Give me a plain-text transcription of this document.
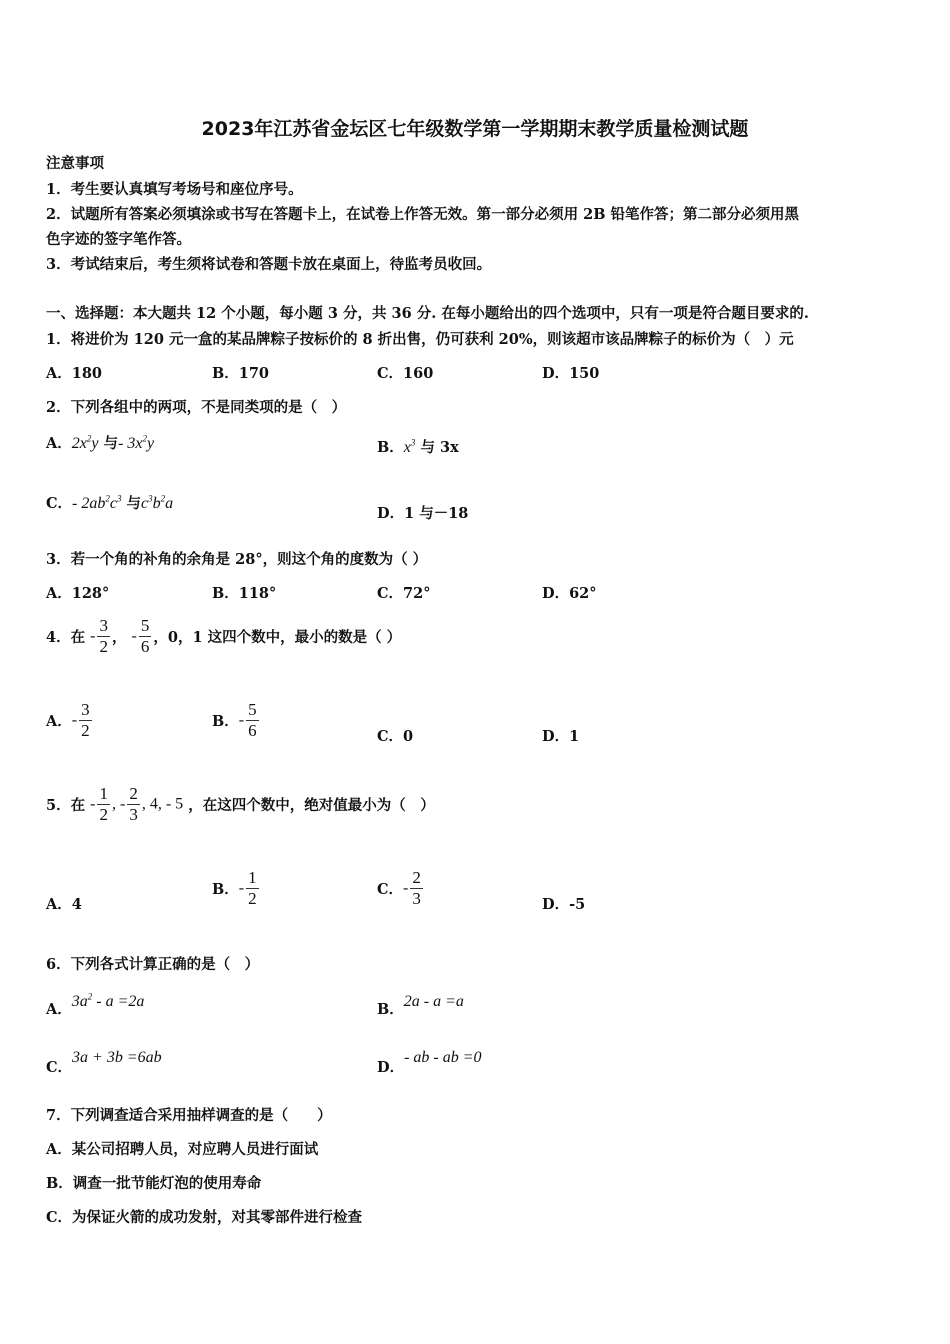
2023年江苏省金坛区七年级数学第一学期期末教学质量检测试题
注意事项
1．考生要认真填写考场号和座位序号。
2．试题所有答案必须填涂或书写在答题卡上，在试卷上作答无效。第一部分必须用 2B 铅笔作答；第二部分必须用黑
色字迹的签字笔作答。
3．考试结束后，考生须将试卷和答题卡放在桌面上，待监考员收回。
一、选择题：本大题共 12 个小题，每小题 3 分，共 36 分. 在每小题给出的四个选项中，只有一项是符合题目要求的.
1．将进价为 120 元一盒的某品牌粽子按标价的 8 折出售，仍可获利 20%，则该超市该品牌粽子的标价为（　）元
A．180	B．170	C．160	D．150
2．下列各组中的两项，不是同类项的是（　）
A．$2x^2y$ 与- $3x^2y$	B．$x^3$ 与 3x
C．- $2ab^2c^3$ 与$c^3b^2a$
D．1 与－18
3．若一个角的补角的余角是 28°，则这个角的度数为（ ）
A．128°	B．118°	C．72°	D．62°
4．在 - $\frac{3}{2}$ ， - $\frac{5}{6}$ ，0，1 这四个数中，最小的数是（ ）
A．- $\frac{3}{2}$	B．- $\frac{5}{6}$	C．0	D．1
5．在 - $\frac{1}{2}$ , - $\frac{2}{3}$ , 4, - 5 ，在这四个数中，绝对值最小为（　）
A．4
B．- $\frac{1}{2}$	C．- $\frac{2}{3}$	D．-5
6．下列各式计算正确的是（　）
A．$3a^2 - a =2a$	B．2a - a =a
C．3a + 3b =6ab
D．- ab - ab =0
7．下列调查适合采用抽样调查的是（　　）
A．某公司招聘人员，对应聘人员进行面试
B．调查一批节能灯泡的使用寿命
C．为保证火箭的成功发射，对其零部件进行检查
